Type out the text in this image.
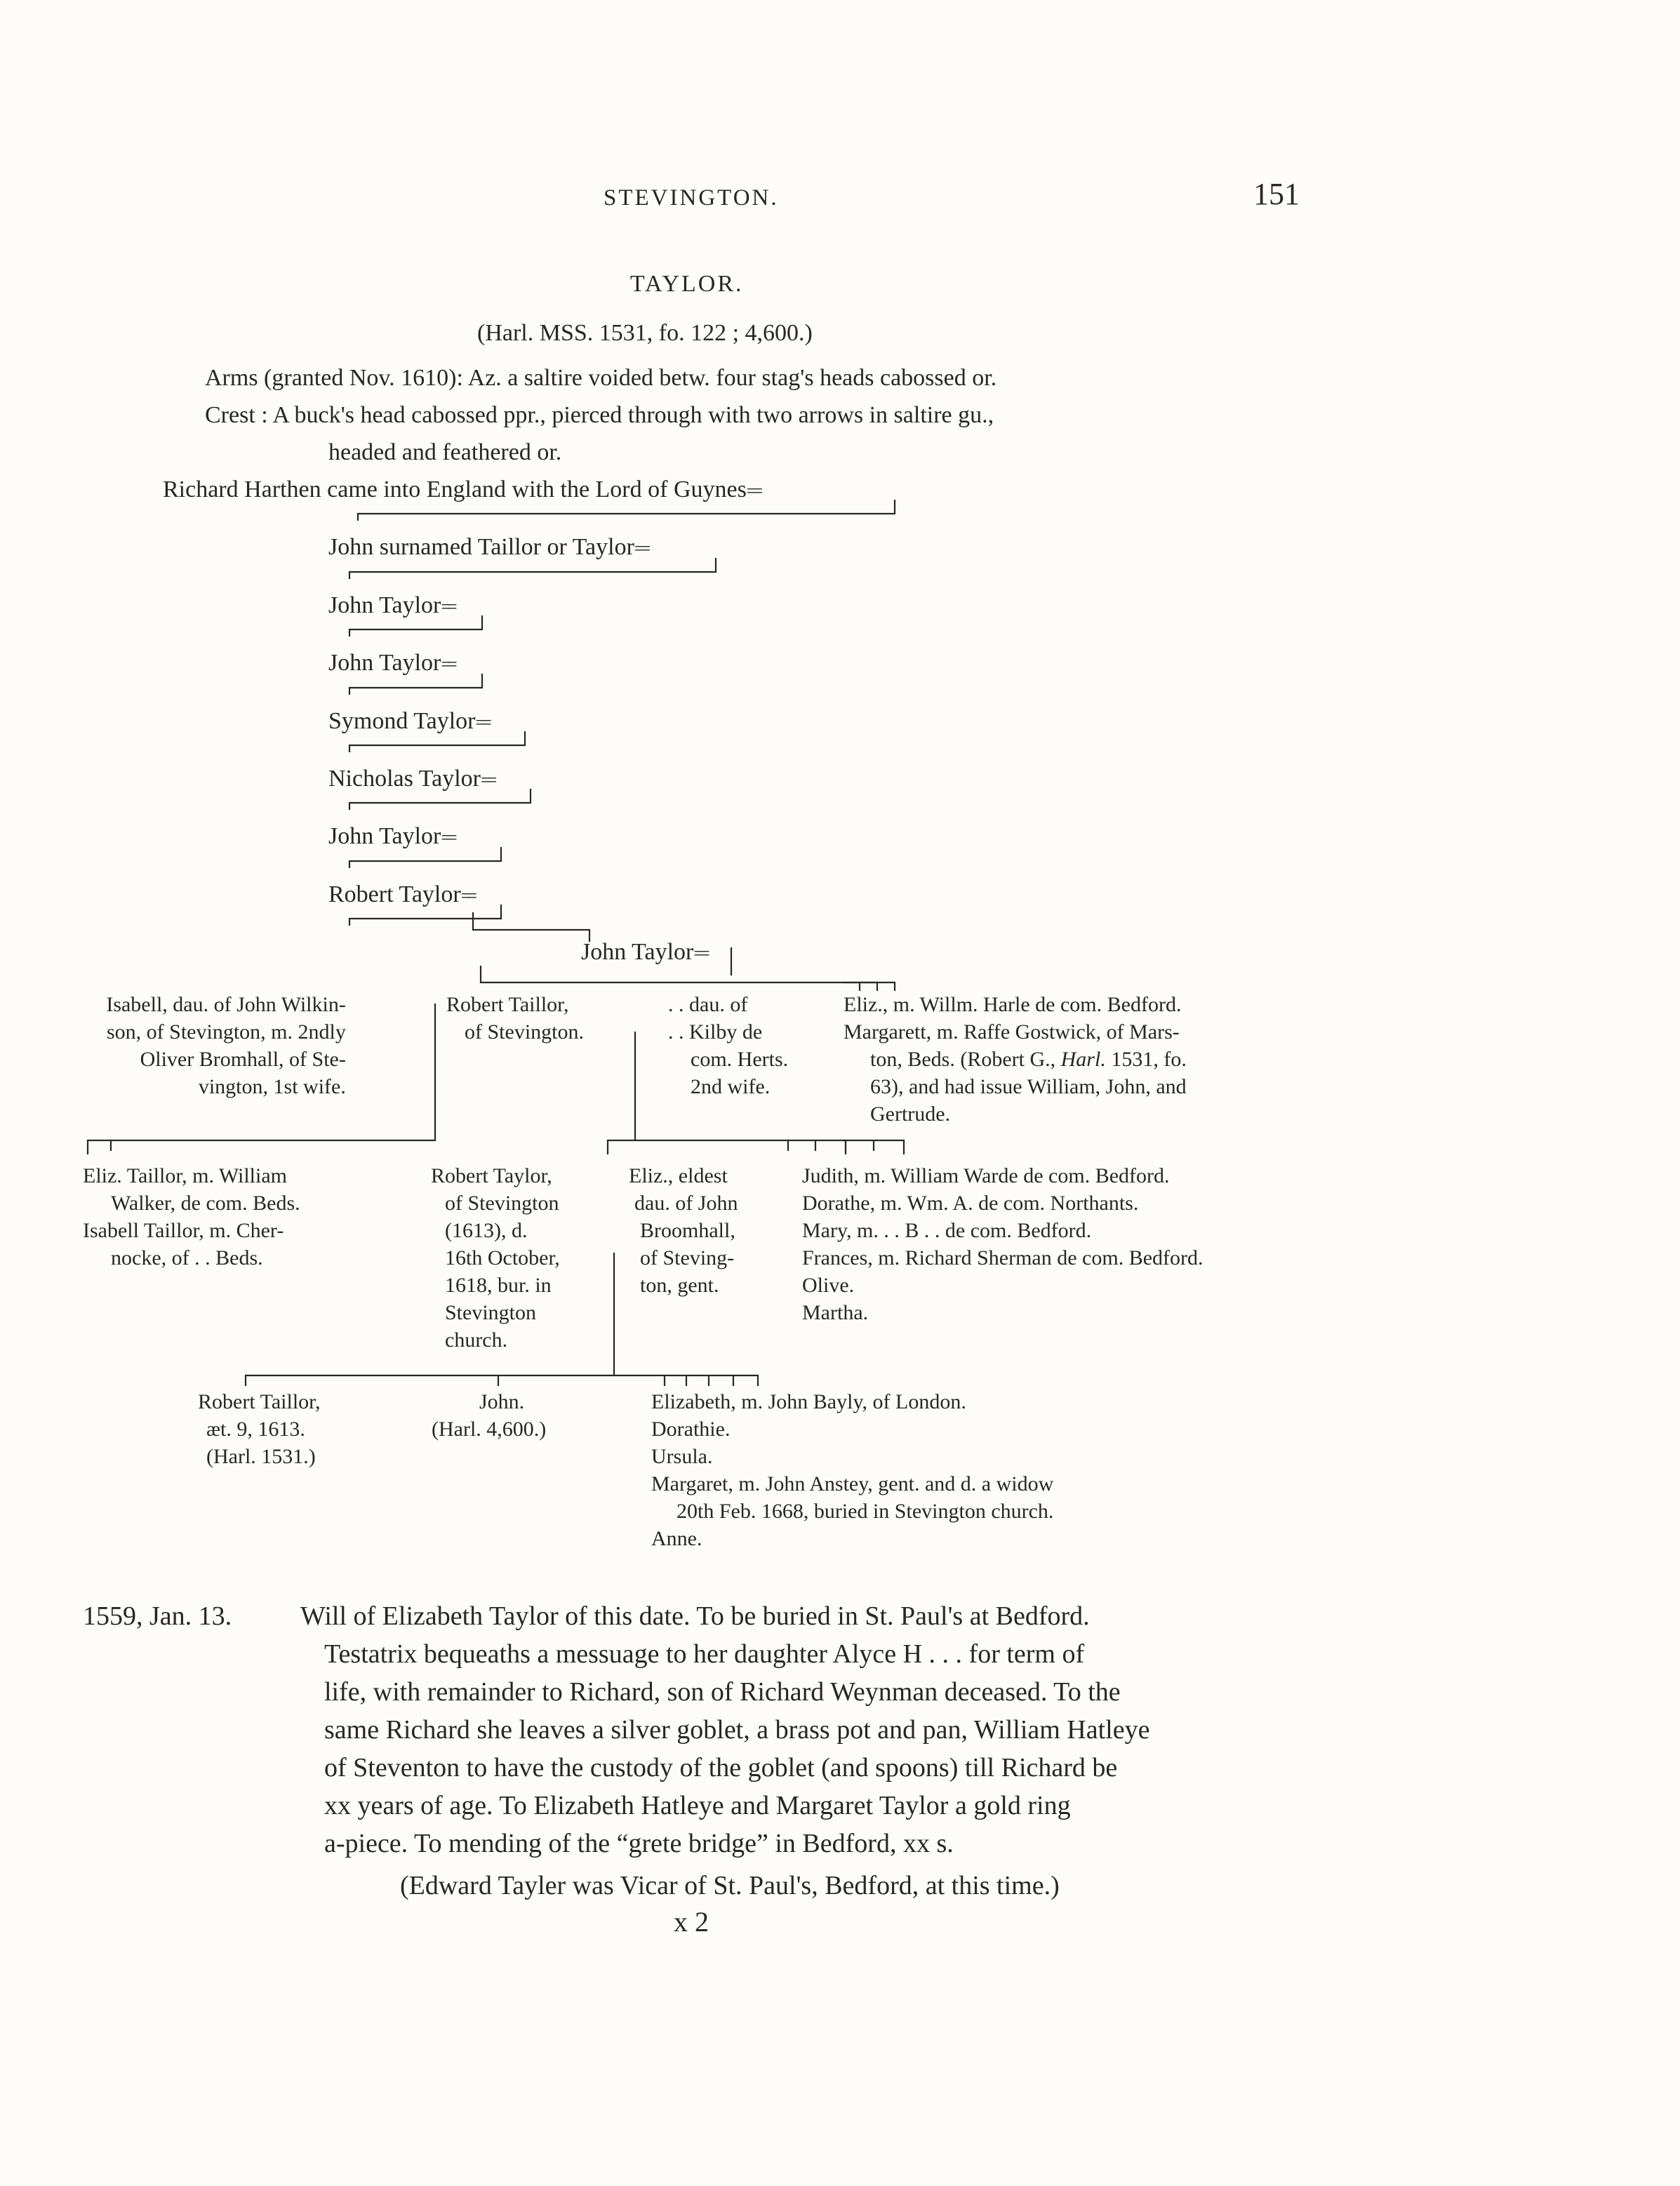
STEVINGTON.	151
TAYLOR.
(Harl. MSS. 1531, fo. 122 ; 4,600.)
Arms (granted Nov. 1610): Az. a saltire voided betw. four stag's heads cabossed or.
Crest : A buck's head cabossed ppr., pierced through with two arrows in saltire gu.,
headed and feathered or.
Richard Harthen came into England with the Lord of Guynes ==
John surnamed Taillor or Taylor ==
John Taylor ==
John Taylor ==
Symond Taylor ==
Nicholas Taylor ==
John Taylor ==
Robert Taylor ==
John Taylor ==
Isabell, dau. of John Wilkin-
son, of Stevington, m. 2ndly
Oliver Bromhall, of Ste-
vington, 1st wife.
Robert Taillor,
of Stevington.
. . dau. of
. . Kilby de
com. Herts.
2nd wife.
Eliz., m. Willm. Harle de com. Bedford.
Margarett, m. Raffe Gostwick, of Mars-
ton, Beds. (Robert G., Harl. 1531, fo.
63), and had issue William, John, and
Gertrude.
Eliz. Taillor, m. William
Walker, de com. Beds.
Isabell Taillor, m. Cher-
nocke, of . . Beds.
Robert Taylor,
of Stevington
(1613), d.
16th October,
1618, bur. in
Stevington
church.
Eliz., eldest
dau. of John
Broomhall,
of Steving-
ton, gent.
Judith, m. William Warde de com. Bedford.
Dorathe, m. Wm. A. de com. Northants.
Mary, m. . . B . . de com. Bedford.
Frances, m. Richard Sherman de com. Bedford.
Olive.
Martha.
Robert Taillor,
æt. 9, 1613.
(Harl. 1531.)
John.
(Harl. 4,600.)
Elizabeth, m. John Bayly, of London.
Dorathie.
Ursula.
Margaret, m. John Anstey, gent. and d. a widow
20th Feb. 1668, buried in Stevington church.
Anne.
1559, Jan. 13.	Will of Elizabeth Taylor of this date. To be buried in St. Paul's at Bedford.
Testatrix bequeaths a messuage to her daughter Alyce H . . . for term of
life, with remainder to Richard, son of Richard Weynman deceased. To the
same Richard she leaves a silver goblet, a brass pot and pan, William Hatleye
of Steventon to have the custody of the goblet (and spoons) till Richard be
xx years of age. To Elizabeth Hatleye and Margaret Taylor a gold ring
a-piece. To mending of the “grete bridge” in Bedford, xx s.
(Edward Tayler was Vicar of St. Paul's, Bedford, at this time.)
x 2
